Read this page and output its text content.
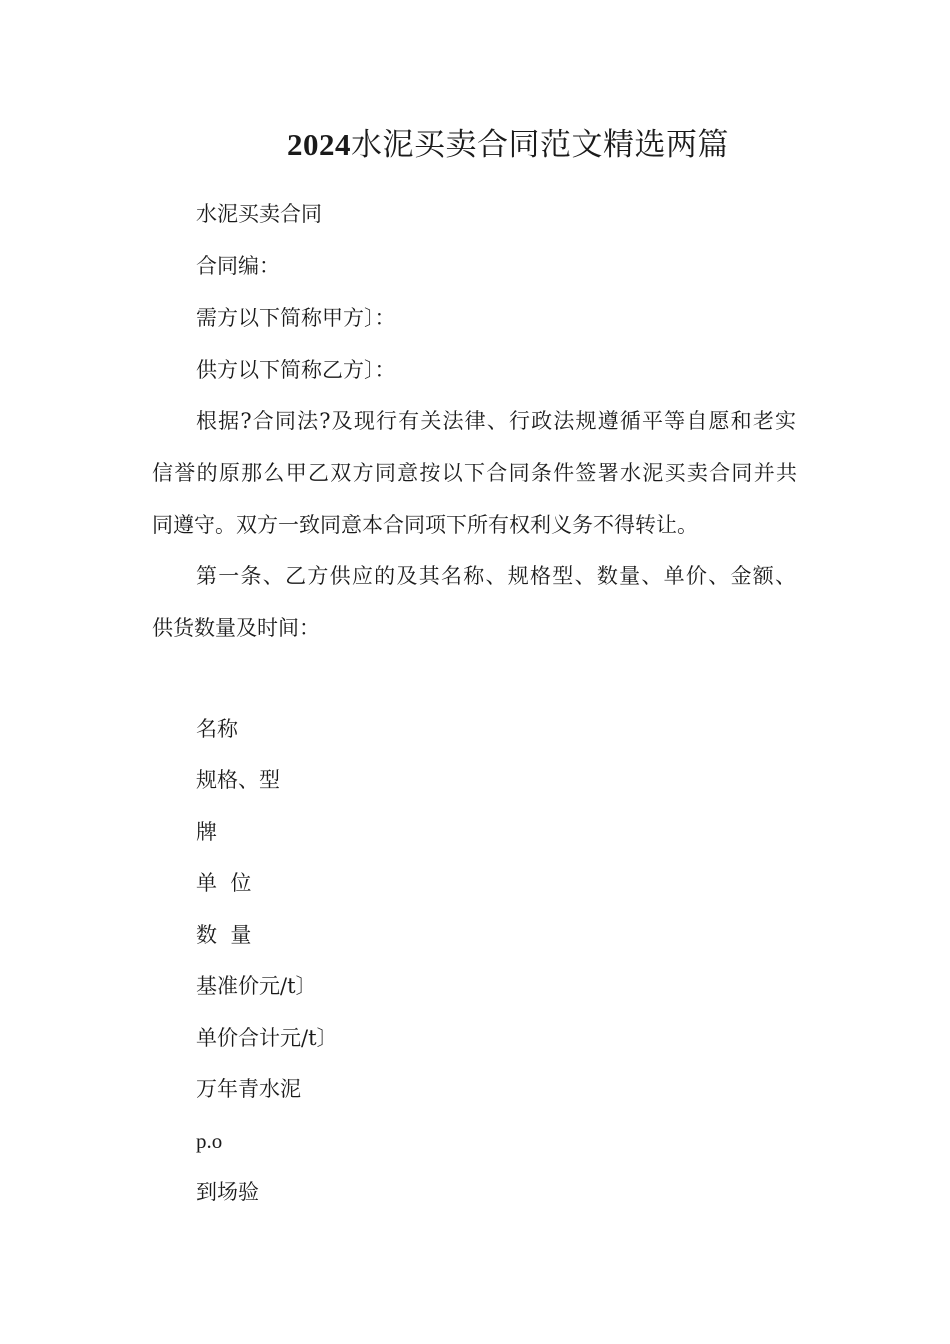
2024水泥买卖合同范文精选两篇

水泥买卖合同

合同编：

需方以下简称甲方〕：

供方以下简称乙方〕：

根据?合同法?及现行有关法律、行政法规遵循平等自愿和老实

信誉的原那么甲乙双方同意按以下合同条件签署水泥买卖合同并共

同遵守。双方一致同意本合同项下所有权利义务不得转让。

第一条、乙方供应的及其名称、规格型、数量、单价、金额、

供货数量及时间：

名称

规格、型

牌

单  位

数  量

基准价元/t〕

单价合计元/t〕

万年青水泥

p.o

到场验
